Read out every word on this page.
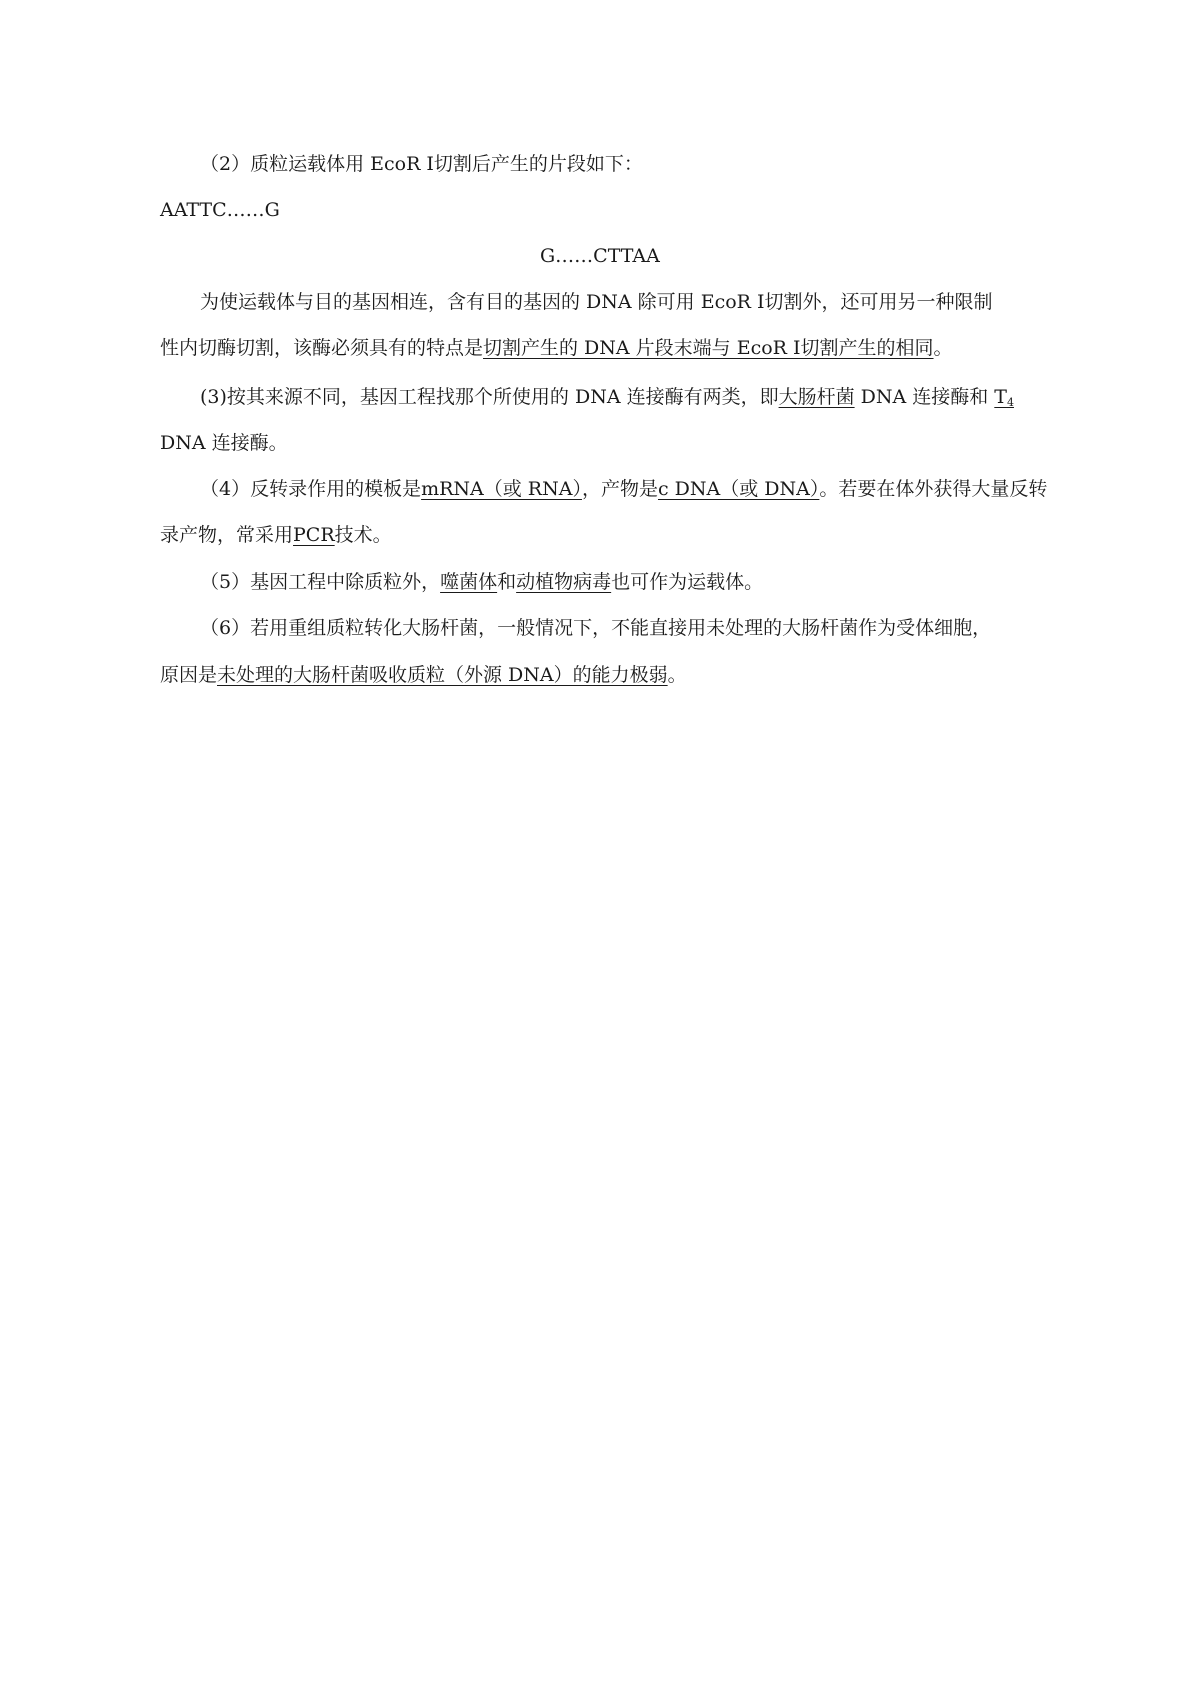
（2）质粒运载体用 EcoR Ⅰ切割后产生的片段如下：
AATTC……G
G……CTTAA
为使运载体与目的基因相连，含有目的基因的 DNA 除可用 EcoR Ⅰ切割外，还可用另一种限制
性内切酶切割，该酶必须具有的特点是切割产生的 DNA 片段末端与 EcoR Ⅰ切割产生的相同。
(3)按其来源不同，基因工程找那个所使用的 DNA 连接酶有两类，即大肠杆菌 DNA 连接酶和 $T_4$
DNA 连接酶。
（4）反转录作用的模板是mRNA（或 RNA），产物是c DNA（或 DNA）。若要在体外获得大量反转
录产物，常采用PCR技术。
（5）基因工程中除质粒外，噬菌体和动植物病毒也可作为运载体。
（6）若用重组质粒转化大肠杆菌，一般情况下，不能直接用未处理的大肠杆菌作为受体细胞，
原因是未处理的大肠杆菌吸收质粒（外源 DNA）的能力极弱。
